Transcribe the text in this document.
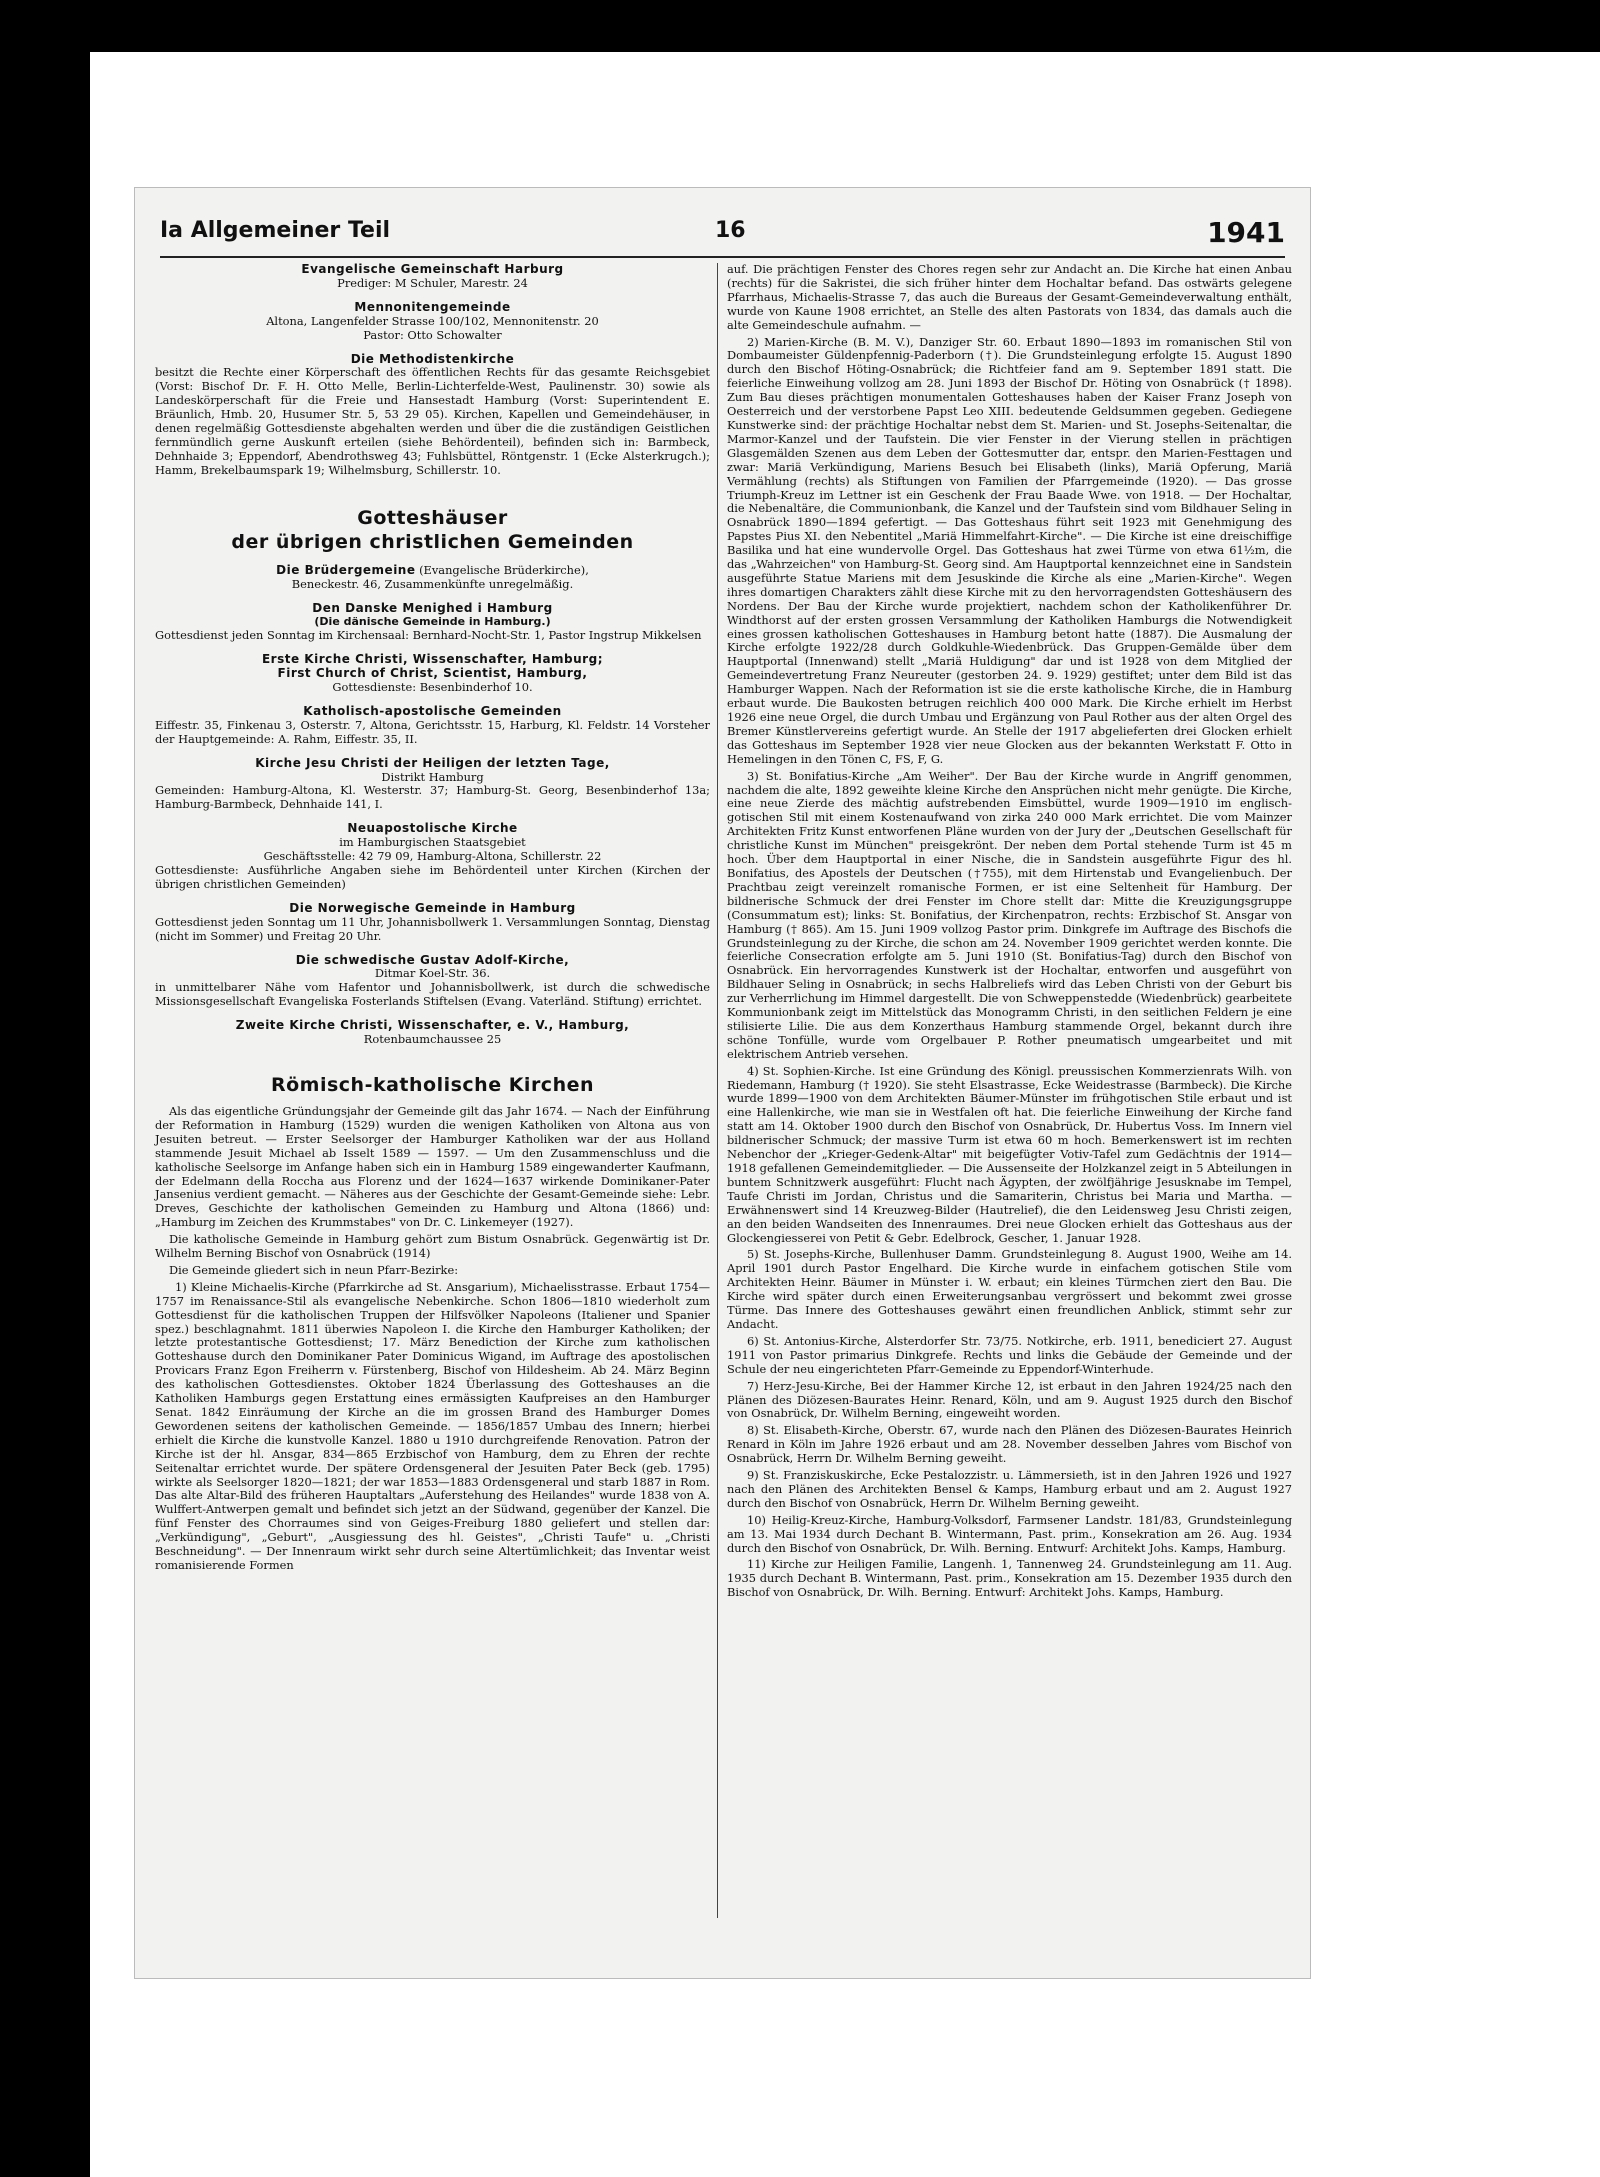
Ia Allgemeiner Teil	16	1941
Evangelische Gemeinschaft Harburg
Prediger: M Schuler, Marestr. 24
Mennonitengemeinde
Altona, Langenfelder Strasse 100/102, Mennonitenstr. 20
Pastor: Otto Schowalter
Die Methodistenkirche

besitzt die Rechte einer Körperschaft des öffentlichen Rechts für das gesamte Reichsgebiet (Vorst: Bischof Dr. F. H. Otto Melle, Berlin-Lichterfelde-West, Paulinenstr. 30) sowie als Landeskörperschaft für die Freie und Hansestadt Hamburg (Vorst: Superintendent E. Bräunlich, Hmb. 20, Husumer Str. 5, 53 29 05). Kirchen, Kapellen und Gemeindehäuser, in denen regelmäßig Gottesdienste abgehalten werden und über die die zuständigen Geistlichen fernmündlich gerne Auskunft erteilen (siehe Behördenteil), befinden sich in: Barmbeck, Dehnhaide 3; Eppendorf, Abendrothsweg 43; Fuhlsbüttel, Röntgenstr. 1 (Ecke Alsterkrugch.); Hamm, Brekelbaumspark 19; Wilhelmsburg, Schillerstr. 10.

Gotteshäuser
der übrigen christlichen Gemeinden
Die Brüdergemeine (Evangelische Brüderkirche),
Beneckestr. 46, Zusammenkünfte unregelmäßig.
Den Danske Menighed i Hamburg
(Die dänische Gemeinde in Hamburg.)

Gottesdienst jeden Sonntag im Kirchensaal: Bernhard-Nocht-Str. 1, Pastor Ingstrup Mikkelsen

Erste Kirche Christi, Wissenschafter, Hamburg;
First Church of Christ, Scientist, Hamburg,
Gottesdienste: Besenbinderhof 10.
Katholisch-apostolische Gemeinden

Eiffestr. 35, Finkenau 3, Osterstr. 7, Altona, Gerichtsstr. 15, Harburg, Kl. Feldstr. 14 Vorsteher der Hauptgemeinde: A. Rahm, Eiffestr. 35, II.

Kirche Jesu Christi der Heiligen der letzten Tage,
Distrikt Hamburg

Gemeinden: Hamburg-Altona, Kl. Westerstr. 37; Hamburg-St. Georg, Besenbinderhof 13a; Hamburg-Barmbeck, Dehnhaide 141, I.

Neuapostolische Kirche
im Hamburgischen Staatsgebiet
Geschäftsstelle: 42 79 09, Hamburg-Altona, Schillerstr. 22

Gottesdienste: Ausführliche Angaben siehe im Behördenteil unter Kirchen (Kirchen der übrigen christlichen Gemeinden)

Die Norwegische Gemeinde in Hamburg

Gottesdienst jeden Sonntag um 11 Uhr, Johannisbollwerk 1. Versammlungen Sonntag, Dienstag (nicht im Sommer) und Freitag 20 Uhr.

Die schwedische Gustav Adolf-Kirche,
Ditmar Koel-Str. 36.

in unmittelbarer Nähe vom Hafentor und Johannisbollwerk, ist durch die schwedische Missionsgesellschaft Evangeliska Fosterlands Stiftelsen (Evang. Vaterländ. Stiftung) errichtet.

Zweite Kirche Christi, Wissenschafter, e. V., Hamburg,
Rotenbaumchaussee 25
Römisch-katholische Kirchen

Als das eigentliche Gründungsjahr der Gemeinde gilt das Jahr 1674. — Nach der Einführung der Reformation in Hamburg (1529) wurden die wenigen Katholiken von Altona aus von Jesuiten betreut. — Erster Seelsorger der Hamburger Katholiken war der aus Holland stammende Jesuit Michael ab Isselt 1589 — 1597. — Um den Zusammenschluss und die katholische Seelsorge im Anfange haben sich ein in Hamburg 1589 eingewanderter Kaufmann, der Edelmann della Roccha aus Florenz und der 1624—1637 wirkende Dominikaner-Pater Jansenius verdient gemacht. — Näheres aus der Geschichte der Gesamt-Gemeinde siehe: Lebr. Dreves, Geschichte der katholischen Gemeinden zu Hamburg und Altona (1866) und: „Hamburg im Zeichen des Krummstabes" von Dr. C. Linkemeyer (1927).

Die katholische Gemeinde in Hamburg gehört zum Bistum Osnabrück. Gegenwärtig ist Dr. Wilhelm Berning Bischof von Osnabrück (1914)

Die Gemeinde gliedert sich in neun Pfarr-Bezirke:

1) Kleine Michaelis-Kirche (Pfarrkirche ad St. Ansgarium), Michaelisstrasse. Erbaut 1754—1757 im Renaissance-Stil als evangelische Nebenkirche. Schon 1806—1810 wiederholt zum Gottesdienst für die katholischen Truppen der Hilfsvölker Napoleons (Italiener und Spanier spez.) beschlagnahmt. 1811 überwies Napoleon I. die Kirche den Hamburger Katholiken; der letzte protestantische Gottesdienst; 17. März Benediction der Kirche zum katholischen Gotteshause durch den Dominikaner Pater Dominicus Wigand, im Auftrage des apostolischen Provicars Franz Egon Freiherrn v. Fürstenberg, Bischof von Hildesheim. Ab 24. März Beginn des katholischen Gottesdienstes. Oktober 1824 Überlassung des Gotteshauses an die Katholiken Hamburgs gegen Erstattung eines ermässigten Kaufpreises an den Hamburger Senat. 1842 Einräumung der Kirche an die im grossen Brand des Hamburger Domes Gewordenen seitens der katholischen Gemeinde. — 1856/1857 Umbau des Innern; hierbei erhielt die Kirche die kunstvolle Kanzel. 1880 u 1910 durchgreifende Renovation. Patron der Kirche ist der hl. Ansgar, 834—865 Erzbischof von Hamburg, dem zu Ehren der rechte Seitenaltar errichtet wurde. Der spätere Ordensgeneral der Jesuiten Pater Beck (geb. 1795) wirkte als Seelsorger 1820—1821; der war 1853—1883 Ordensgeneral und starb 1887 in Rom. Das alte Altar-Bild des früheren Hauptaltars „Auferstehung des Heilandes" wurde 1838 von A. Wulffert-Antwerpen gemalt und befindet sich jetzt an der Südwand, gegenüber der Kanzel. Die fünf Fenster des Chorraumes sind von Geiges-Freiburg 1880 geliefert und stellen dar: „Verkündigung", „Geburt", „Ausgiessung des hl. Geistes", „Christi Taufe" u. „Christi Beschneidung". — Der Innenraum wirkt sehr durch seine Altertümlichkeit; das Inventar weist romanisierende Formen

auf. Die prächtigen Fenster des Chores regen sehr zur Andacht an. Die Kirche hat einen Anbau (rechts) für die Sakristei, die sich früher hinter dem Hochaltar befand. Das ostwärts gelegene Pfarrhaus, Michaelis-Strasse 7, das auch die Bureaus der Gesamt-Gemeindeverwaltung enthält, wurde von Kaune 1908 errichtet, an Stelle des alten Pastorats von 1834, das damals auch die alte Gemeindeschule aufnahm. —

2) Marien-Kirche (B. M. V.), Danziger Str. 60. Erbaut 1890—1893 im romanischen Stil von Dombaumeister Güldenpfennig-Paderborn (†). Die Grundsteinlegung erfolgte 15. August 1890 durch den Bischof Höting-Osnabrück; die Richtfeier fand am 9. September 1891 statt. Die feierliche Einweihung vollzog am 28. Juni 1893 der Bischof Dr. Höting von Osnabrück († 1898). Zum Bau dieses prächtigen monumentalen Gotteshauses haben der Kaiser Franz Joseph von Oesterreich und der verstorbene Papst Leo XIII. bedeutende Geldsummen gegeben. Gediegene Kunstwerke sind: der prächtige Hochaltar nebst dem St. Marien- und St. Josephs-Seitenaltar, die Marmor-Kanzel und der Taufstein. Die vier Fenster in der Vierung stellen in prächtigen Glasgemälden Szenen aus dem Leben der Gottesmutter dar, entspr. den Marien-Festtagen und zwar: Mariä Verkündigung, Mariens Besuch bei Elisabeth (links), Mariä Opferung, Mariä Vermählung (rechts) als Stiftungen von Familien der Pfarrgemeinde (1920). — Das grosse Triumph-Kreuz im Lettner ist ein Geschenk der Frau Baade Wwe. von 1918. — Der Hochaltar, die Nebenaltäre, die Communionbank, die Kanzel und der Taufstein sind vom Bildhauer Seling in Osnabrück 1890—1894 gefertigt. — Das Gotteshaus führt seit 1923 mit Genehmigung des Papstes Pius XI. den Nebentitel „Mariä Himmelfahrt-Kirche". — Die Kirche ist eine dreischiffige Basilika und hat eine wundervolle Orgel. Das Gotteshaus hat zwei Türme von etwa 61½m, die das „Wahrzeichen" von Hamburg-St. Georg sind. Am Hauptportal kennzeichnet eine in Sandstein ausgeführte Statue Mariens mit dem Jesuskinde die Kirche als eine „Marien-Kirche". Wegen ihres domartigen Charakters zählt diese Kirche mit zu den hervorragendsten Gotteshäusern des Nordens. Der Bau der Kirche wurde projektiert, nachdem schon der Katholikenführer Dr. Windthorst auf der ersten grossen Versammlung der Katholiken Hamburgs die Notwendigkeit eines grossen katholischen Gotteshauses in Hamburg betont hatte (1887). Die Ausmalung der Kirche erfolgte 1922/28 durch Goldkuhle-Wiedenbrück. Das Gruppen-Gemälde über dem Hauptportal (Innenwand) stellt „Mariä Huldigung" dar und ist 1928 von dem Mitglied der Gemeindevertretung Franz Neureuter (gestorben 24. 9. 1929) gestiftet; unter dem Bild ist das Hamburger Wappen. Nach der Reformation ist sie die erste katholische Kirche, die in Hamburg erbaut wurde. Die Baukosten betrugen reichlich 400 000 Mark. Die Kirche erhielt im Herbst 1926 eine neue Orgel, die durch Umbau und Ergänzung von Paul Rother aus der alten Orgel des Bremer Künstlervereins gefertigt wurde. An Stelle der 1917 abgelieferten drei Glocken erhielt das Gotteshaus im September 1928 vier neue Glocken aus der bekannten Werkstatt F. Otto in Hemelingen in den Tönen C, FS, F, G.

3) St. Bonifatius-Kirche „Am Weiher". Der Bau der Kirche wurde in Angriff genommen, nachdem die alte, 1892 geweihte kleine Kirche den Ansprüchen nicht mehr genügte. Die Kirche, eine neue Zierde des mächtig aufstrebenden Eimsbüttel, wurde 1909—1910 im englisch-gotischen Stil mit einem Kostenaufwand von zirka 240 000 Mark errichtet. Die vom Mainzer Architekten Fritz Kunst entworfenen Pläne wurden von der Jury der „Deutschen Gesellschaft für christliche Kunst im München" preisgekrönt. Der neben dem Portal stehende Turm ist 45 m hoch. Über dem Hauptportal in einer Nische, die in Sandstein ausgeführte Figur des hl. Bonifatius, des Apostels der Deutschen (†755), mit dem Hirtenstab und Evangelienbuch. Der Prachtbau zeigt vereinzelt romanische Formen, er ist eine Seltenheit für Hamburg. Der bildnerische Schmuck der drei Fenster im Chore stellt dar: Mitte die Kreuzigungsgruppe (Consummatum est); links: St. Bonifatius, der Kirchenpatron, rechts: Erzbischof St. Ansgar von Hamburg († 865). Am 15. Juni 1909 vollzog Pastor prim. Dinkgrefe im Auftrage des Bischofs die Grundsteinlegung zu der Kirche, die schon am 24. November 1909 gerichtet werden konnte. Die feierliche Consecration erfolgte am 5. Juni 1910 (St. Bonifatius-Tag) durch den Bischof von Osnabrück. Ein hervorragendes Kunstwerk ist der Hochaltar, entworfen und ausgeführt von Bildhauer Seling in Osnabrück; in sechs Halbreliefs wird das Leben Christi von der Geburt bis zur Verherrlichung im Himmel dargestellt. Die von Schweppenstedde (Wiedenbrück) gearbeitete Kommunionbank zeigt im Mittelstück das Monogramm Christi, in den seitlichen Feldern je eine stilisierte Lilie. Die aus dem Konzerthaus Hamburg stammende Orgel, bekannt durch ihre schöne Tonfülle, wurde vom Orgelbauer P. Rother pneumatisch umgearbeitet und mit elektrischem Antrieb versehen.

4) St. Sophien-Kirche. Ist eine Gründung des Königl. preussischen Kommerzienrats Wilh. von Riedemann, Hamburg († 1920). Sie steht Elsastrasse, Ecke Weidestrasse (Barmbeck). Die Kirche wurde 1899—1900 von dem Architekten Bäumer-Münster im frühgotischen Stile erbaut und ist eine Hallenkirche, wie man sie in Westfalen oft hat. Die feierliche Einweihung der Kirche fand statt am 14. Oktober 1900 durch den Bischof von Osnabrück, Dr. Hubertus Voss. Im Innern viel bildnerischer Schmuck; der massive Turm ist etwa 60 m hoch. Bemerkenswert ist im rechten Nebenchor der „Krieger-Gedenk-Altar" mit beigefügter Votiv-Tafel zum Gedächtnis der 1914—1918 gefallenen Gemeindemitglieder. — Die Aussenseite der Holzkanzel zeigt in 5 Abteilungen in buntem Schnitzwerk ausgeführt: Flucht nach Ägypten, der zwölfjährige Jesusknabe im Tempel, Taufe Christi im Jordan, Christus und die Samariterin, Christus bei Maria und Martha. — Erwähnenswert sind 14 Kreuzweg-Bilder (Hautrelief), die den Leidensweg Jesu Christi zeigen, an den beiden Wandseiten des Innenraumes. Drei neue Glocken erhielt das Gotteshaus aus der Glockengiesserei von Petit & Gebr. Edelbrock, Gescher, 1. Januar 1928.

5) St. Josephs-Kirche, Bullenhuser Damm. Grundsteinlegung 8. August 1900, Weihe am 14. April 1901 durch Pastor Engelhard. Die Kirche wurde in einfachem gotischen Stile vom Architekten Heinr. Bäumer in Münster i. W. erbaut; ein kleines Türmchen ziert den Bau. Die Kirche wird später durch einen Erweiterungsanbau vergrössert und bekommt zwei grosse Türme. Das Innere des Gotteshauses gewährt einen freundlichen Anblick, stimmt sehr zur Andacht.

6) St. Antonius-Kirche, Alsterdorfer Str. 73/75. Notkirche, erb. 1911, benediciert 27. August 1911 von Pastor primarius Dinkgrefe. Rechts und links die Gebäude der Gemeinde und der Schule der neu eingerichteten Pfarr-Gemeinde zu Eppendorf-Winterhude.

7) Herz-Jesu-Kirche, Bei der Hammer Kirche 12, ist erbaut in den Jahren 1924/25 nach den Plänen des Diözesen-Baurates Heinr. Renard, Köln, und am 9. August 1925 durch den Bischof von Osnabrück, Dr. Wilhelm Berning, eingeweiht worden.

8) St. Elisabeth-Kirche, Oberstr. 67, wurde nach den Plänen des Diözesen-Baurates Heinrich Renard in Köln im Jahre 1926 erbaut und am 28. November desselben Jahres vom Bischof von Osnabrück, Herrn Dr. Wilhelm Berning geweiht.

9) St. Franziskuskirche, Ecke Pestalozzistr. u. Lämmersieth, ist in den Jahren 1926 und 1927 nach den Plänen des Architekten Bensel & Kamps, Hamburg erbaut und am 2. August 1927 durch den Bischof von Osnabrück, Herrn Dr. Wilhelm Berning geweiht.

10) Heilig-Kreuz-Kirche, Hamburg-Volksdorf, Farmsener Landstr. 181/83, Grundsteinlegung am 13. Mai 1934 durch Dechant B. Wintermann, Past. prim., Konsekration am 26. Aug. 1934 durch den Bischof von Osnabrück, Dr. Wilh. Berning. Entwurf: Architekt Johs. Kamps, Hamburg.

11) Kirche zur Heiligen Familie, Langenh. 1, Tannenweg 24. Grundsteinlegung am 11. Aug. 1935 durch Dechant B. Wintermann, Past. prim., Konsekration am 15. Dezember 1935 durch den Bischof von Osnabrück, Dr. Wilh. Berning. Entwurf: Architekt Johs. Kamps, Hamburg.
